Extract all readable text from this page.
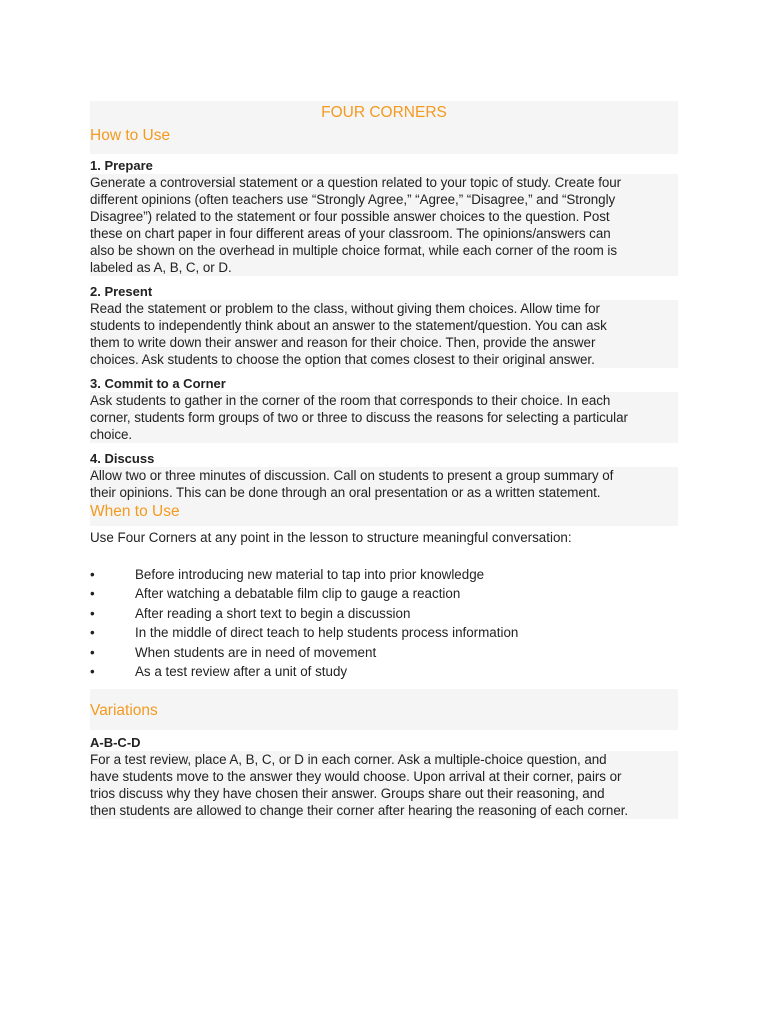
FOUR CORNERS
How to Use
1. Prepare
Generate a controversial statement or a question related to your topic of study. Create four
different opinions (often teachers use “Strongly Agree,” “Agree,” “Disagree,” and “Strongly
Disagree”) related to the statement or four possible answer choices to the question. Post
these on chart paper in four different areas of your classroom. The opinions/answers can
also be shown on the overhead in multiple choice format, while each corner of the room is
labeled as A, B, C, or D.
2. Present
Read the statement or problem to the class, without giving them choices. Allow time for
students to independently think about an answer to the statement/question. You can ask
them to write down their answer and reason for their choice. Then, provide the answer
choices. Ask students to choose the option that comes closest to their original answer.
3. Commit to a Corner
Ask students to gather in the corner of the room that corresponds to their choice. In each
corner, students form groups of two or three to discuss the reasons for selecting a particular
choice.
4. Discuss
Allow two or three minutes of discussion. Call on students to present a group summary of
their opinions. This can be done through an oral presentation or as a written statement.
When to Use
Use Four Corners at any point in the lesson to structure meaningful conversation:
•	Before introducing new material to tap into prior knowledge
•	After watching a debatable film clip to gauge a reaction
•	After reading a short text to begin a discussion
•	In the middle of direct teach to help students process information
•	When students are in need of movement
•	As a test review after a unit of study
Variations
A-B-C-D
For a test review, place A, B, C, or D in each corner. Ask a multiple-choice question, and
have students move to the answer they would choose. Upon arrival at their corner, pairs or
trios discuss why they have chosen their answer. Groups share out their reasoning, and
then students are allowed to change their corner after hearing the reasoning of each corner.
